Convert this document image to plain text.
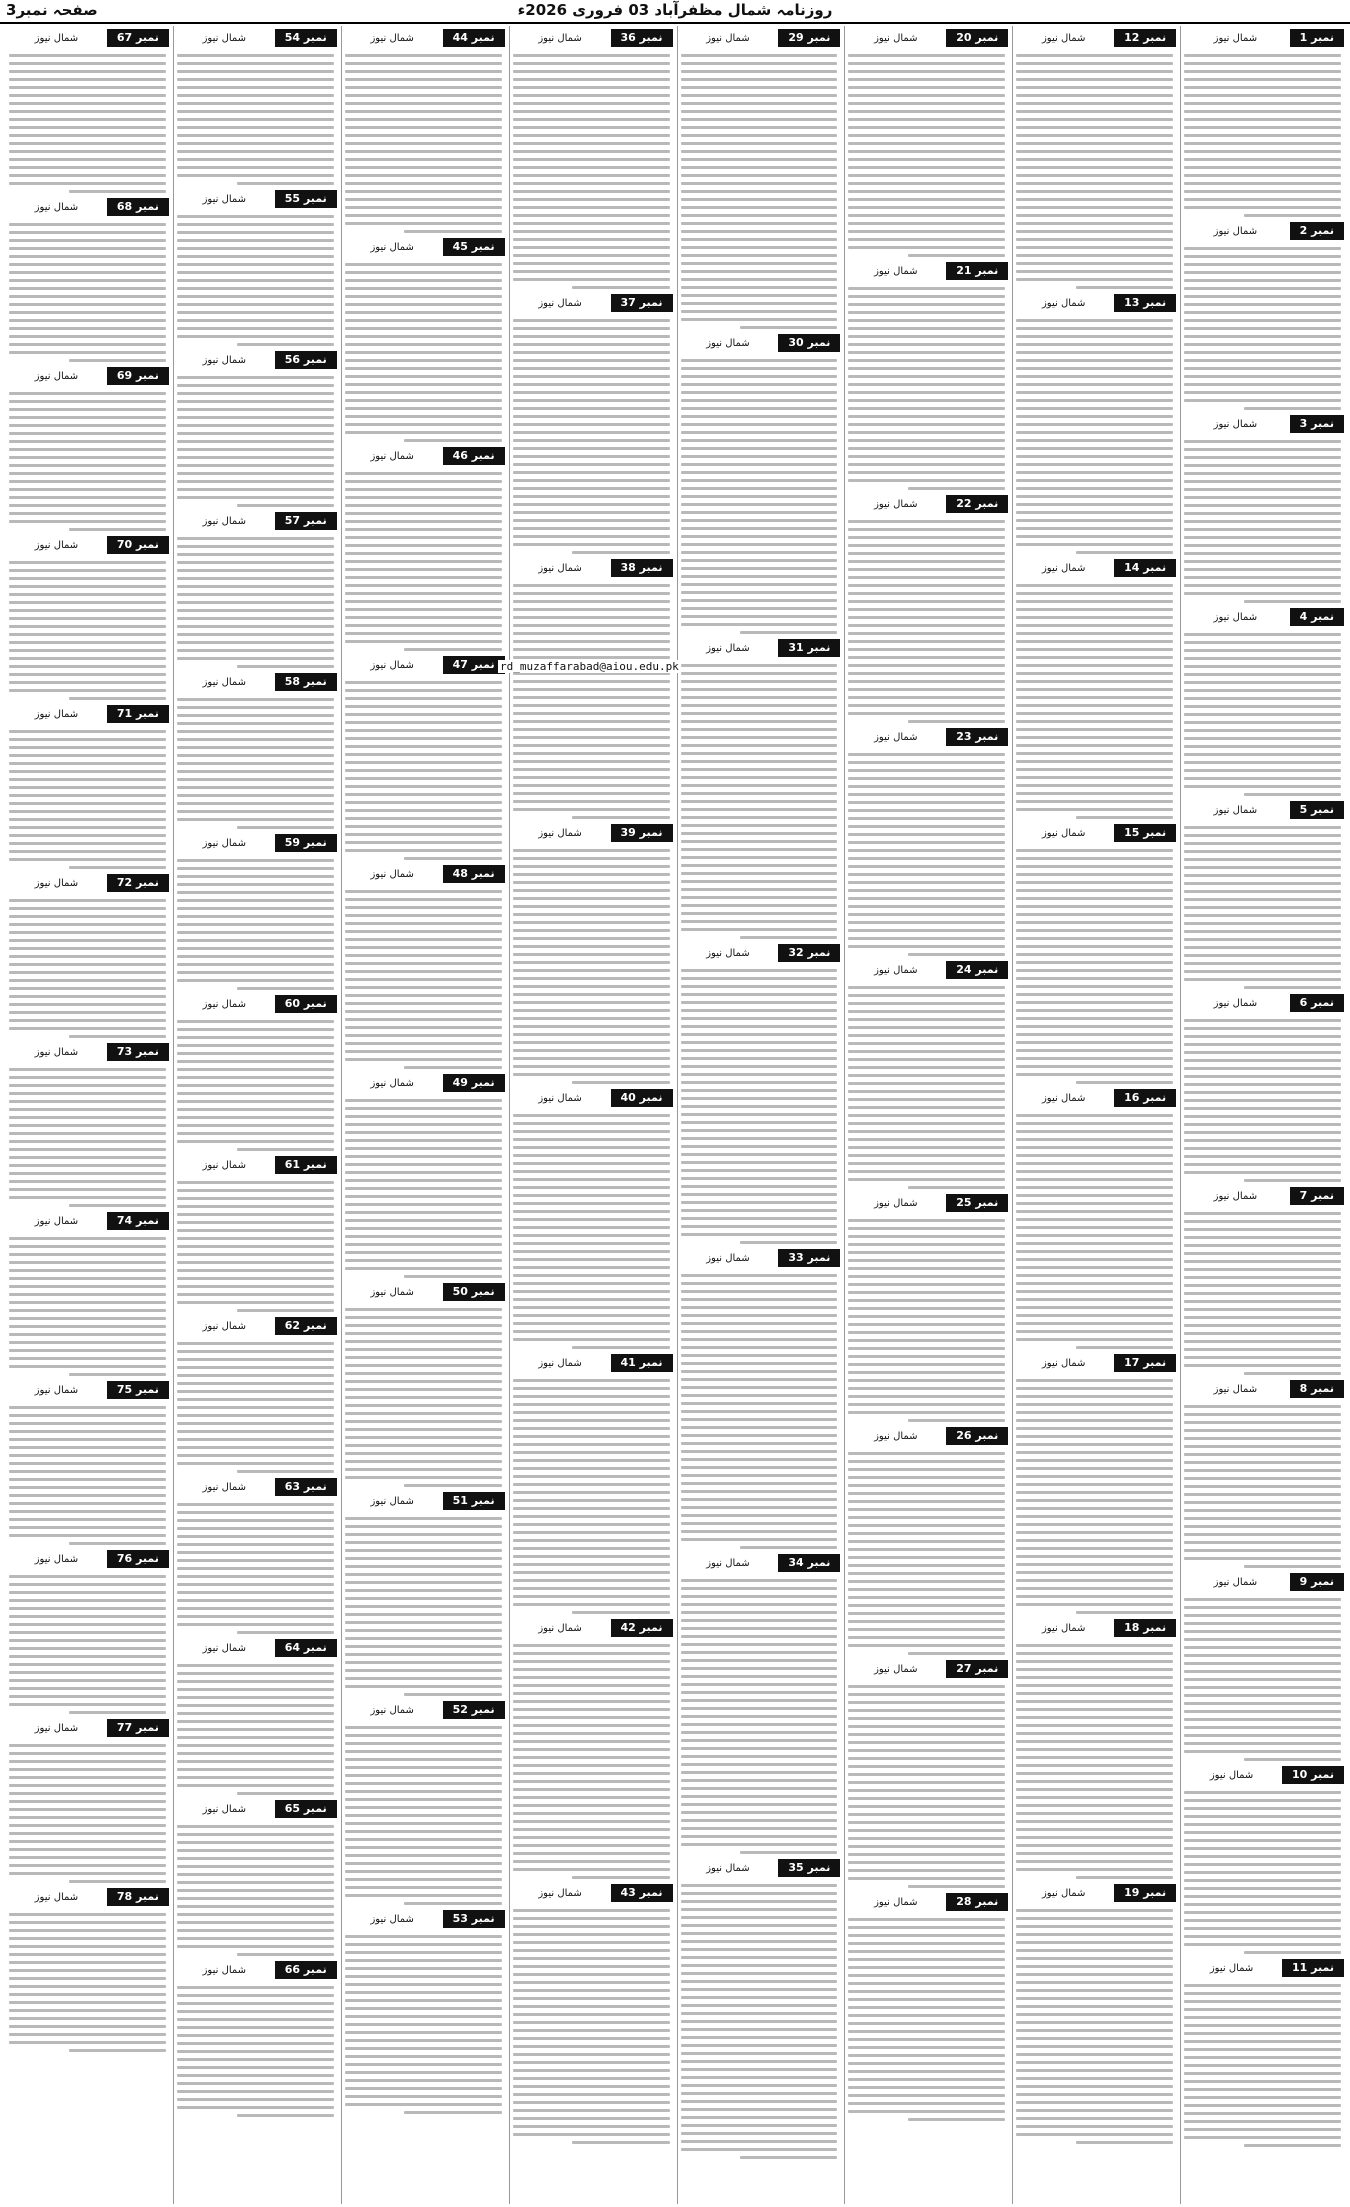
صفحہ نمبر3	روزنامہ شمال مظفرآباد 03 فروری 2026ء
نمبر 1
شمال نیوز
نمبر 2
شمال نیوز
نمبر 3
شمال نیوز
نمبر 4
شمال نیوز
نمبر 5
شمال نیوز
نمبر 6
شمال نیوز
نمبر 7
شمال نیوز
نمبر 8
شمال نیوز
نمبر 9
شمال نیوز
نمبر 10
شمال نیوز
نمبر 11
شمال نیوز
نمبر 12
شمال نیوز
نمبر 13
شمال نیوز
نمبر 14
شمال نیوز
نمبر 15
شمال نیوز
نمبر 16
شمال نیوز
نمبر 17
شمال نیوز
نمبر 18
شمال نیوز
نمبر 19
شمال نیوز
نمبر 20
شمال نیوز
نمبر 21
شمال نیوز
نمبر 22
شمال نیوز
نمبر 23
شمال نیوز
نمبر 24
شمال نیوز
نمبر 25
شمال نیوز
نمبر 26
شمال نیوز
نمبر 27
شمال نیوز
نمبر 28
شمال نیوز
نمبر 29
شمال نیوز
نمبر 30
شمال نیوز
نمبر 31
شمال نیوز
نمبر 32
شمال نیوز
نمبر 33
شمال نیوز
نمبر 34
شمال نیوز
نمبر 35
شمال نیوز
نمبر 36
شمال نیوز
نمبر 37
شمال نیوز
نمبر 38
شمال نیوز
نمبر 39
شمال نیوز
نمبر 40
شمال نیوز
نمبر 41
شمال نیوز
نمبر 42
شمال نیوز
نمبر 43
شمال نیوز
نمبر 44
شمال نیوز
نمبر 45
شمال نیوز
نمبر 46
شمال نیوز
نمبر 47
شمال نیوز
نمبر 48
شمال نیوز
نمبر 49
شمال نیوز
نمبر 50
شمال نیوز
نمبر 51
شمال نیوز
نمبر 52
شمال نیوز
نمبر 53
شمال نیوز
نمبر 54
شمال نیوز
نمبر 55
شمال نیوز
نمبر 56
شمال نیوز
نمبر 57
شمال نیوز
نمبر 58
شمال نیوز
نمبر 59
شمال نیوز
نمبر 60
شمال نیوز
نمبر 61
شمال نیوز
نمبر 62
شمال نیوز
نمبر 63
شمال نیوز
نمبر 64
شمال نیوز
نمبر 65
شمال نیوز
نمبر 66
شمال نیوز
نمبر 67
شمال نیوز
نمبر 68
شمال نیوز
نمبر 69
شمال نیوز
نمبر 70
شمال نیوز
نمبر 71
شمال نیوز
نمبر 72
شمال نیوز
نمبر 73
شمال نیوز
نمبر 74
شمال نیوز
نمبر 75
شمال نیوز
نمبر 76
شمال نیوز
نمبر 77
شمال نیوز
نمبر 78
شمال نیوز
rd_muzaffarabad@aiou.edu.pk
